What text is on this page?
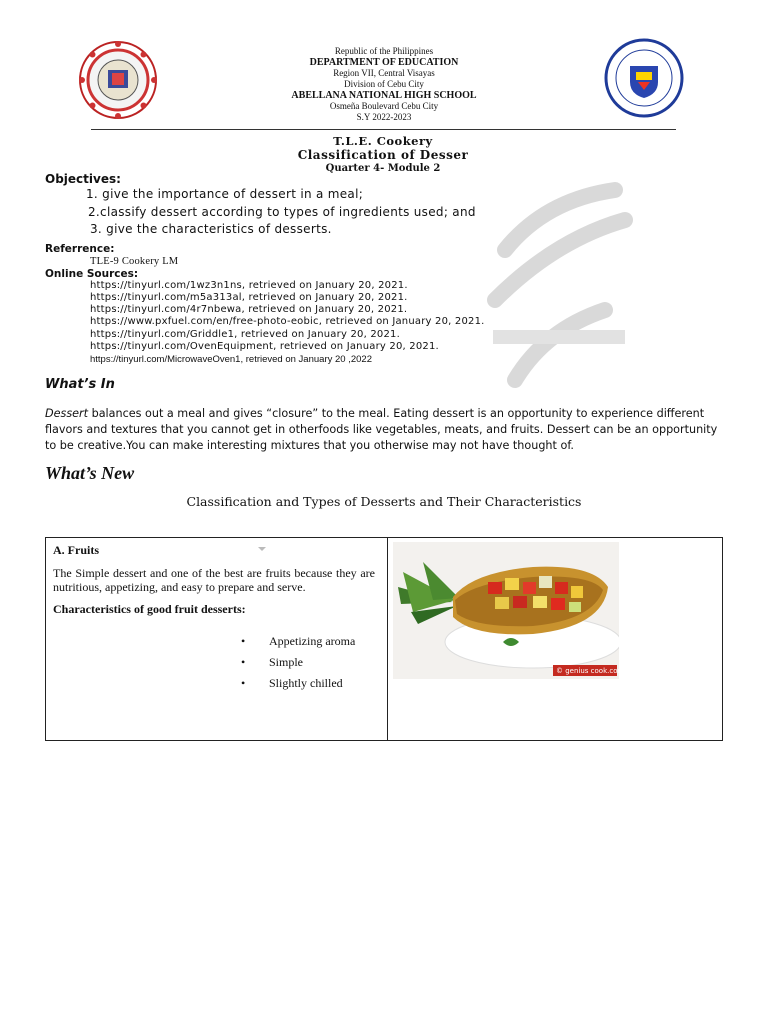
Republic of the Philippines
DEPARTMENT OF EDUCATION
Region VII, Central Visayas
Division of Cebu City
ABELLANA NATIONAL HIGH SCHOOL
Osmeña Boulevard Cebu City
S.Y 2022-2023
T.L.E. Cookery
Classification of Desser
Quarter 4- Module 2
Objectives:
1. give the importance of dessert in a meal;
2.classify dessert according to types of ingredients used; and
3. give the characteristics of desserts.
Referrence:
TLE-9 Cookery LM
Online Sources:
https://tinyurl.com/1wz3n1ns, retrieved on January 20, 2021.
https://tinyurl.com/m5a313al, retrieved on January 20, 2021.
https://tinyurl.com/4r7nbewa, retrieved on January 20, 2021.
https://www.pxfuel.com/en/free-photo-eobic, retrieved on January 20, 2021.
https://tinyurl.com/Griddle1, retrieved on January 20, 2021.
https://tinyurl.com/OvenEquipment, retrieved on January 20, 2021.
https://tinyurl.com/MicrowaveOven1, retrieved on January 20 ,2022
What’s In
Dessert balances out a meal and gives “closure” to the meal. Eating dessert is an opportunity to experience different flavors and textures that you cannot get in otherfoods like vegetables, meats, and fruits. Dessert can be an opportunity to be creative.You can make interesting mixtures that you otherwise may not have thought of.
What’s New
Classification and Types of Desserts and Their Characteristics

A. Fruits

The Simple dessert and one of the best are fruits because they are nutritious, appetizing, and easy to prepare and serve.

Characteristics of good fruit desserts:

• Appetizing aroma
• Simple
• Slightly chilled
© genius cook.com
